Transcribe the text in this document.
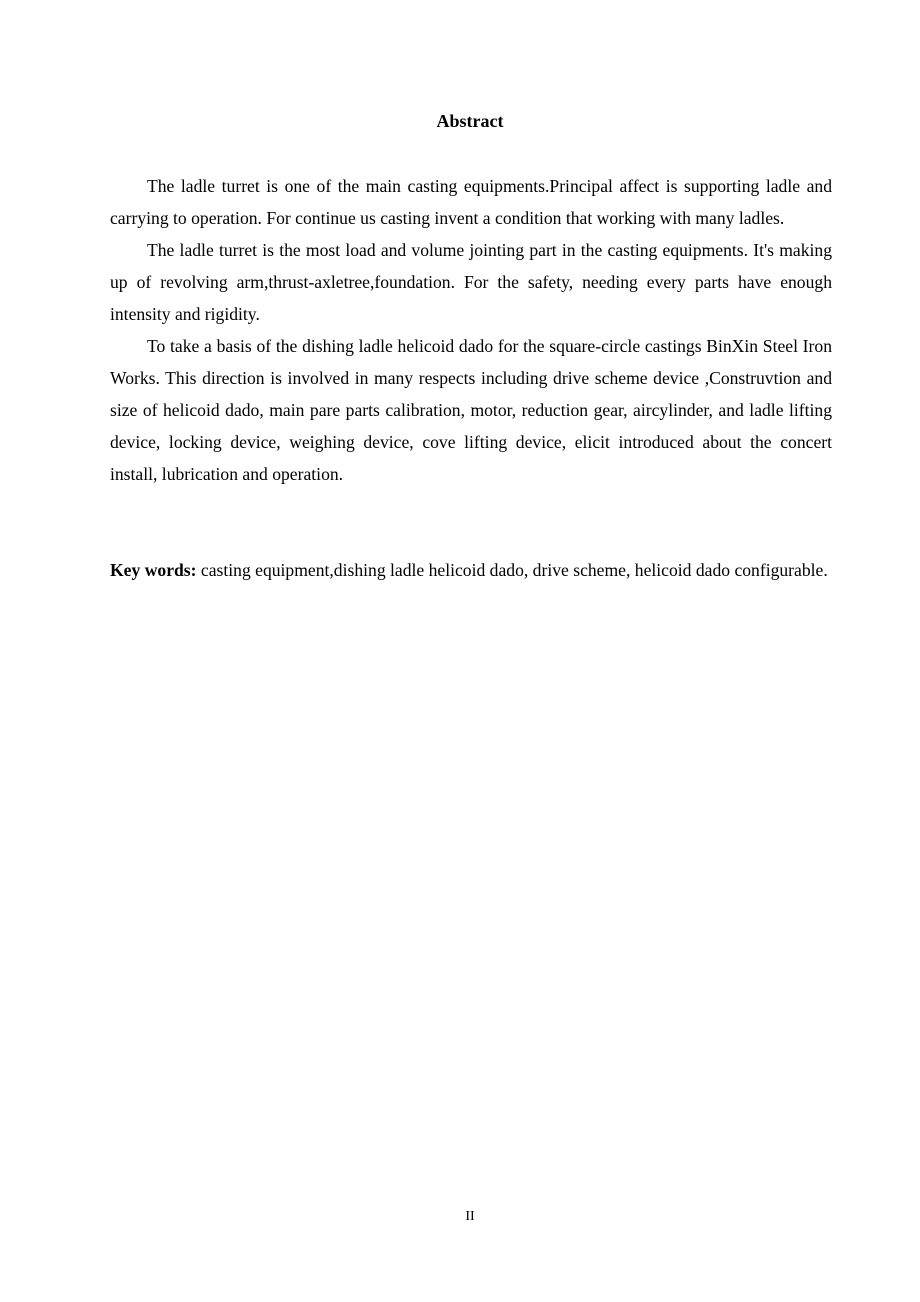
Abstract

The ladle turret is one of the main casting equipments.Principal affect is supporting ladle and carrying to operation. For continue us casting invent a condition that working with many ladles.

The ladle turret is the most load and volume jointing part in the casting equipments. It's making up of revolving arm,thrust-axletree,foundation. For the safety, needing every parts have enough intensity and rigidity.

To take a basis of the dishing ladle helicoid dado for the square-circle castings BinXin Steel Iron Works. This direction is involved in many respects including drive scheme device ,Construvtion and size of helicoid dado, main pare parts calibration, motor, reduction gear, aircylinder, and ladle lifting device, locking device, weighing device, cove lifting device, elicit introduced about the concert install, lubrication and operation.

Key words: casting equipment,dishing ladle helicoid dado, drive scheme, helicoid dado configurable.

II
